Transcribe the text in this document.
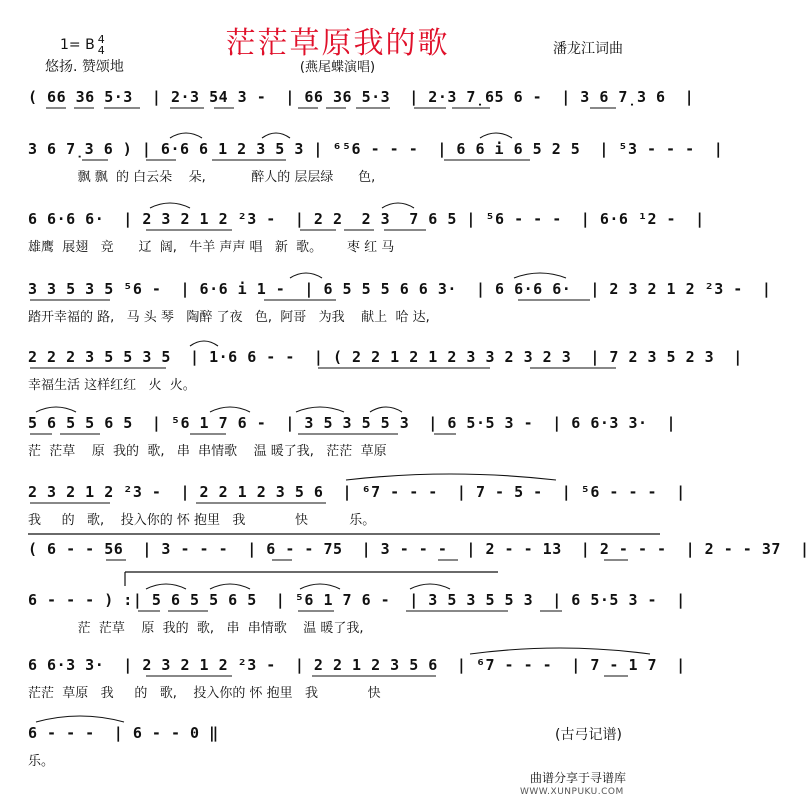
茫茫草原我的歌
(燕尾蝶演唱)
1= B 4
4
悠扬. 赞颂地
潘龙江词曲
( 66 36 5·3  | 2·3 54 3 -  | 66 36 5·3  | 2·3 7̣65 6 -  | 3 6 7̣3 6  |
3 6 7̣3 6 ) | 6·6 6 1 2 3 5 3 | ⁶⁵6 - - -  | 6 6 i 6 5 2 5  | ⁵3 - - -  |
飘 飘  的 白云朵    朵,           醉人的 层层绿      色,
6 6·6 6·  | 2 3 2 1 2 ²3 -  | 2 2  2 3  7 6 5 | ⁵6 - - -  | 6·6 ¹2 -  |
雄鹰  展翅   竞      辽  阔,   牛羊 声声 唱   新  歌。      枣 红 马
3 3 5 3 5 ⁵6 -  | 6·6 i 1 -  | 6 5 5 5 6 6 3·  | 6 6·6 6·  | 2 3 2 1 2 ²3 -  |
踏开幸福的 路,   马 头 琴   陶醉 了夜   色,  阿哥   为我    献上  哈 达,
2 2 2 3 5 5 3 5  | 1·6 6 - -  | ( 2 2 1 2 1 2 3 3 2 3 2 3  | 7 2 3 5 2 3  |
幸福生活 这样红红   火  火。
5 6 5 5 6 5  | ⁵6 1 7 6 -  | 3 5 3 5 5 3  | 6 5·5 3 -  | 6 6·3 3·  |
茫  茫草    原  我的  歌,   串  串情歌    温 暖了我,   茫茫  草原
2 3 2 1 2 ²3 -  | 2 2 1 2 3 5 6  | ⁶7 - - -  | 7 - 5 -  | ⁵6 - - -  |
我     的   歌,    投入你的 怀 抱里   我            快          乐。
( 6 - - 56  | 3 - - -  | 6 - - 75  | 3 - - -  | 2 - - 13  | 2 - - -  | 2 - - 37  |
6 - - - ) :| 5 6 5 5 6 5  | ⁵6 1 7 6 -  | 3 5 3 5 5 3  | 6 5·5 3 -  |
茫  茫草    原  我的  歌,   串  串情歌    温 暖了我,
6 6·3 3·  | 2 3 2 1 2 ²3 -  | 2 2 1 2 3 5 6  | ⁶7 - - -  | 7 - 1 7  |
茫茫  草原   我     的   歌,    投入你的 怀 抱里   我            快
6 - - -  | 6 - - 0 ‖
乐。
(古弓记谱)
曲谱分享于寻谱库
WWW.XUNPUKU.COM
